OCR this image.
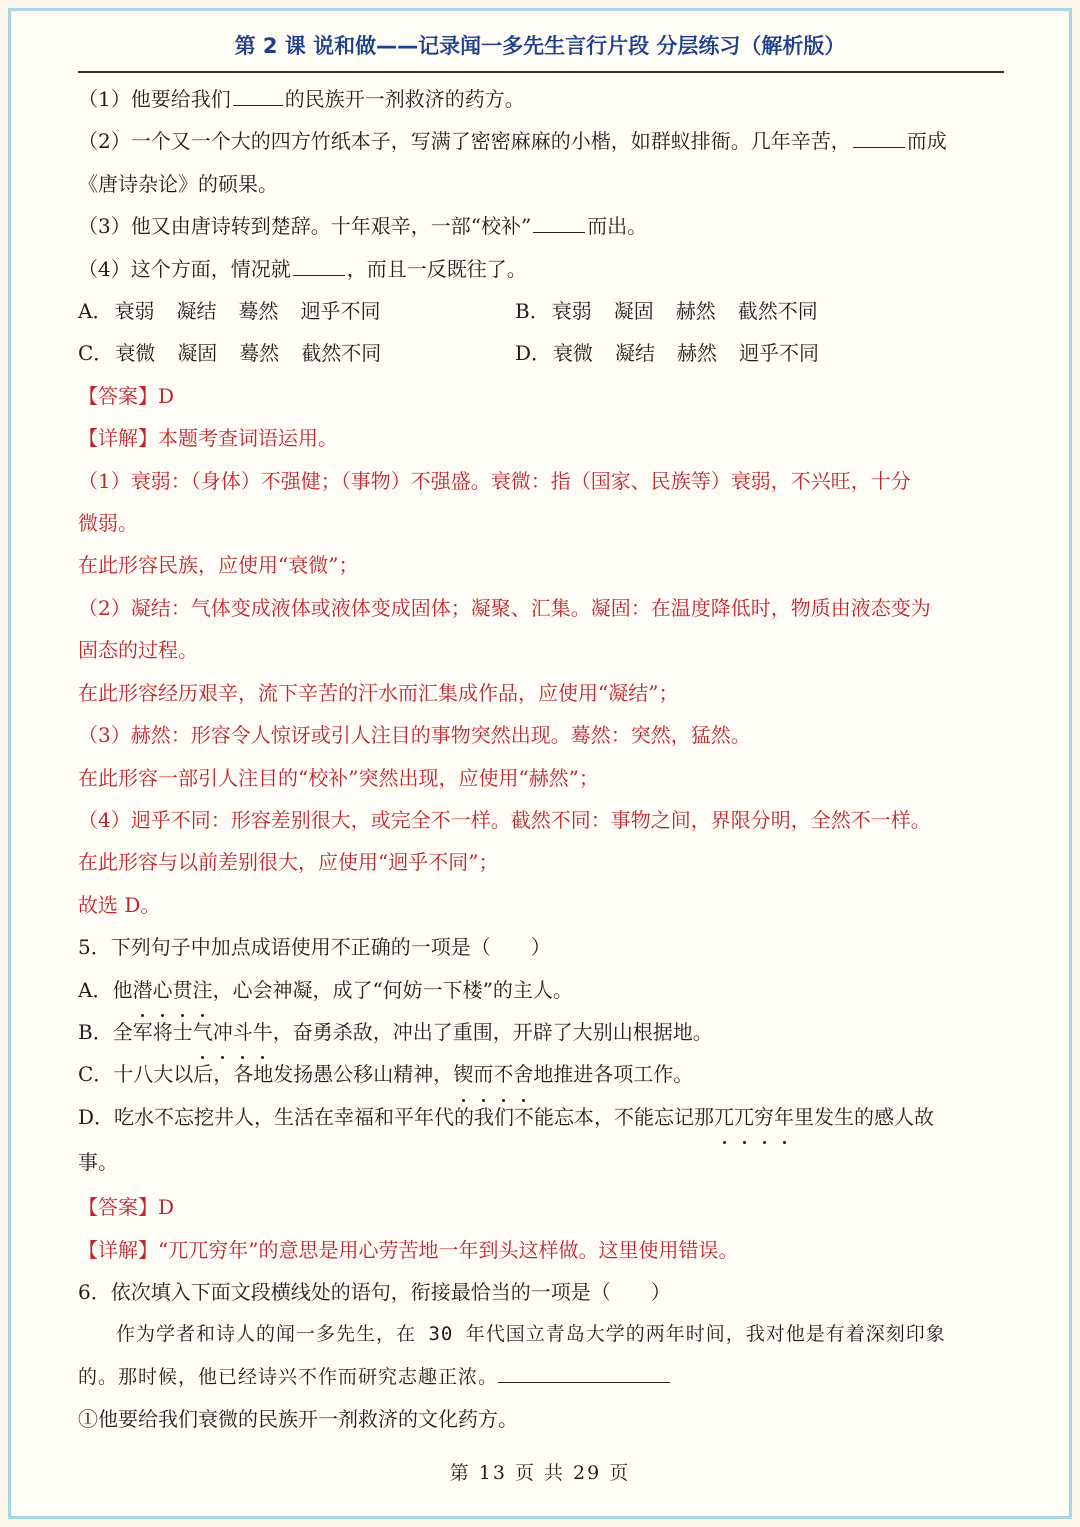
第 2 课 说和做——记录闻一多先生言行片段 分层练习（解析版）
（1）他要给我们	的民族开一剂救济的药方。
（2）一个又一个大的四方竹纸本子，写满了密密麻麻的小楷，如群蚁排衙。几年辛苦，	而成
《唐诗杂论》的硕果。
（3）他又由唐诗转到楚辞。十年艰辛，一部“校补”	而出。
（4）这个方面，情况就	，而且一反既往了。
A． 衰弱 凝结 蓦然 迥乎不同	B． 衰弱 凝固 赫然 截然不同
C． 衰微 凝固 蓦然 截然不同	D． 衰微 凝结 赫然 迥乎不同
【答案】D
【详解】本题考查词语运用。
（1）衰弱：（身体）不强健；（事物）不强盛。衰微：指（国家、民族等）衰弱，不兴旺，十分
微弱。
在此形容民族，应使用“衰微”；
（2）凝结：气体变成液体或液体变成固体；凝聚、汇集。凝固：在温度降低时，物质由液态变为
固态的过程。
在此形容经历艰辛，流下辛苦的汗水而汇集成作品，应使用“凝结”；
（3）赫然：形容令人惊讶或引人注目的事物突然出现。蓦然：突然，猛然。
在此形容一部引人注目的“校补”突然出现，应使用“赫然”；
（4）迥乎不同：形容差别很大，或完全不一样。截然不同：事物之间，界限分明，全然不一样。
在此形容与以前差别很大，应使用“迥乎不同”；
故选 D。
5．下列句子中加点成语使用不正确的一项是（　　）
A．他潜心贯注，心会神凝，成了“何妨一下楼”的主人。
B．全军将士气冲斗牛，奋勇杀敌，冲出了重围，开辟了大别山根据地。
C．十八大以后，各地发扬愚公移山精神，锲而不舍地推进各项工作。
D．吃水不忘挖井人，生活在幸福和平年代的我们不能忘本，不能忘记那兀兀穷年里发生的感人故
事。
【答案】D
【详解】“兀兀穷年”的意思是用心劳苦地一年到头这样做。这里使用错误。
6．依次填入下面文段横线处的语句，衔接最恰当的一项是（　　）
作为学者和诗人的闻一多先生，在 30 年代国立青岛大学的两年时间，我对他是有着深刻印象
的。那时候，他已经诗兴不作而研究志趣正浓。
①他要给我们衰微的民族开一剂救济的文化药方。
第 13 页 共 29 页
